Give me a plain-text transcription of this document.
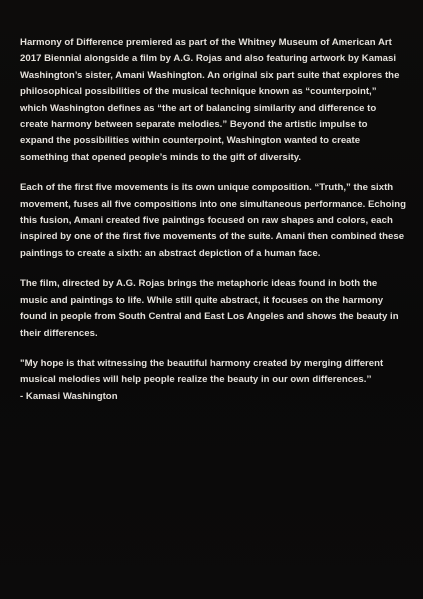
Harmony of Difference premiered as part of the Whitney Museum of American Art
2017 Biennial alongside a film by A.G. Rojas and also featuring artwork by Kamasi
Washington’s sister, Amani Washington. An original six part suite that explores the
philosophical possibilities of the musical technique known as “counterpoint,”
which Washington defines as “the art of balancing similarity and difference to
create harmony between separate melodies.” Beyond the artistic impulse to
expand the possibilities within counterpoint, Washington wanted to create
something that opened people’s minds to the gift of diversity.

Each of the first five movements is its own unique composition. “Truth,” the sixth
movement, fuses all five compositions into one simultaneous performance. Echoing
this fusion, Amani created five paintings focused on raw shapes and colors, each
inspired by one of the first five movements of the suite. Amani then combined these
paintings to create a sixth: an abstract depiction of a human face.

The film, directed by A.G. Rojas brings the metaphoric ideas found in both the
music and paintings to life. While still quite abstract, it focuses on the harmony
found in people from South Central and East Los Angeles and shows the beauty in
their differences.

"My hope is that witnessing the beautiful harmony created by merging different
musical melodies will help people realize the beauty in our own differences.’’
- Kamasi Washington
